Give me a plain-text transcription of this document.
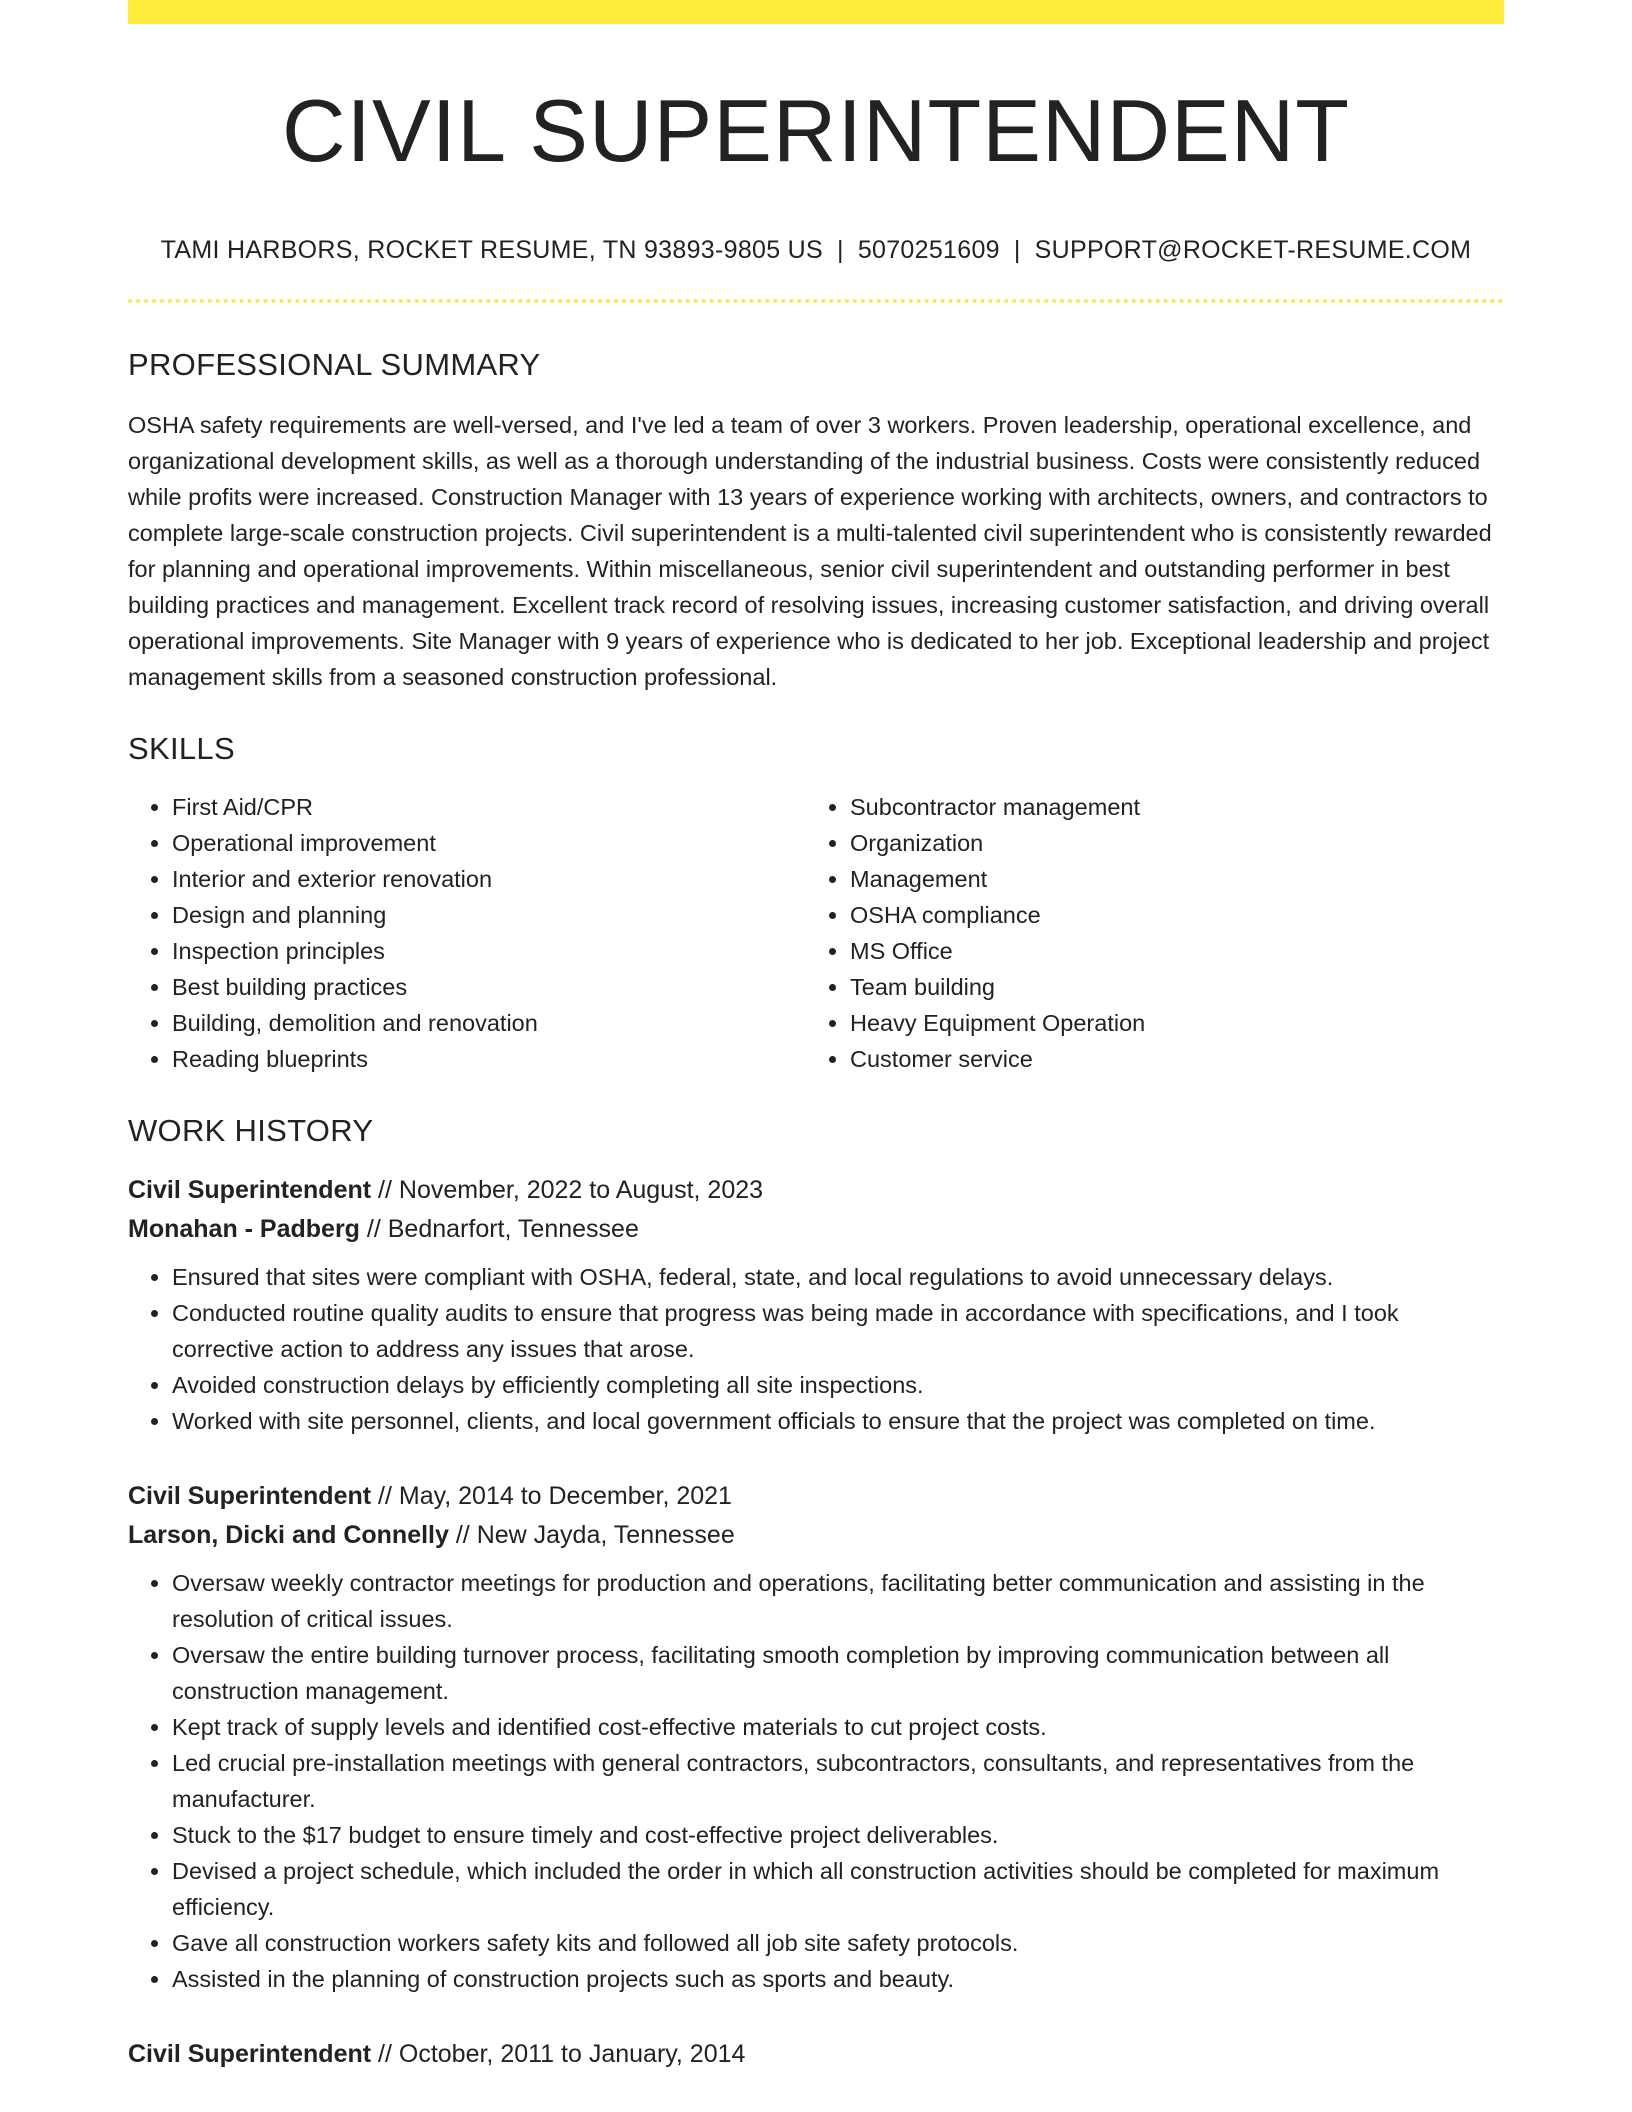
CIVIL SUPERINTENDENT
TAMI HARBORS, ROCKET RESUME, TN 93893-9805 US | 5070251609 | SUPPORT@ROCKET-RESUME.COM
PROFESSIONAL SUMMARY

OSHA safety requirements are well-versed, and I've led a team of over 3 workers. Proven leadership, operational excellence, and organizational development skills, as well as a thorough understanding of the industrial business. Costs were consistently reduced while profits were increased. Construction Manager with 13 years of experience working with architects, owners, and contractors to complete large-scale construction projects. Civil superintendent is a multi-talented civil superintendent who is consistently rewarded for planning and operational improvements. Within miscellaneous, senior civil superintendent and outstanding performer in best building practices and management. Excellent track record of resolving issues, increasing customer satisfaction, and driving overall operational improvements. Site Manager with 9 years of experience who is dedicated to her job. Exceptional leadership and project management skills from a seasoned construction professional.

SKILLS
• First Aid/CPR
• Operational improvement
• Interior and exterior renovation
• Design and planning
• Inspection principles
• Best building practices
• Building, demolition and renovation
• Reading blueprints
• Subcontractor management
• Organization
• Management
• OSHA compliance
• MS Office
• Team building
• Heavy Equipment Operation
• Customer service
WORK HISTORY
Civil Superintendent // November, 2022 to August, 2023
Monahan - Padberg // Bednarfort, Tennessee
• Ensured that sites were compliant with OSHA, federal, state, and local regulations to avoid unnecessary delays.
• Conducted routine quality audits to ensure that progress was being made in accordance with specifications, and I took corrective action to address any issues that arose.
• Avoided construction delays by efficiently completing all site inspections.
• Worked with site personnel, clients, and local government officials to ensure that the project was completed on time.
Civil Superintendent // May, 2014 to December, 2021
Larson, Dicki and Connelly // New Jayda, Tennessee
• Oversaw weekly contractor meetings for production and operations, facilitating better communication and assisting in the resolution of critical issues.
• Oversaw the entire building turnover process, facilitating smooth completion by improving communication between all construction management.
• Kept track of supply levels and identified cost-effective materials to cut project costs.
• Led crucial pre-installation meetings with general contractors, subcontractors, consultants, and representatives from the manufacturer.
• Stuck to the $17 budget to ensure timely and cost-effective project deliverables.
• Devised a project schedule, which included the order in which all construction activities should be completed for maximum efficiency.
• Gave all construction workers safety kits and followed all job site safety protocols.
• Assisted in the planning of construction projects such as sports and beauty.
Civil Superintendent // October, 2011 to January, 2014
